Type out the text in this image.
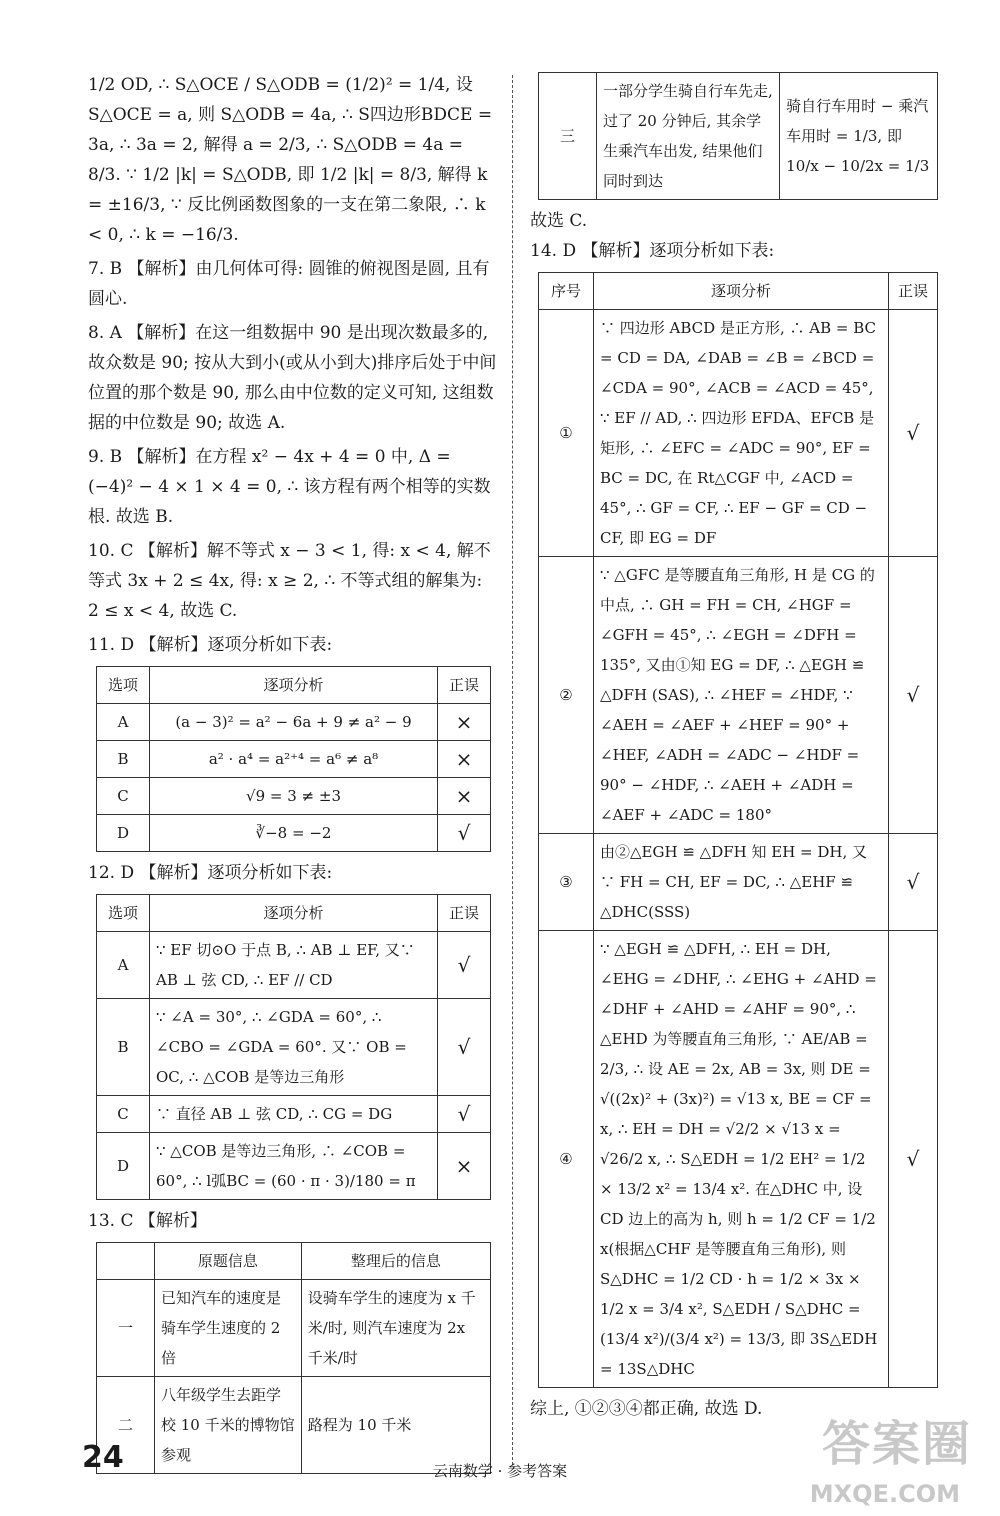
1/2 OD, ∴ S△OCE / S△ODB = (1/2)² = 1/4, 设 S△OCE = a, 则 S△ODB = 4a, ∴ S四边形BDCE = 3a, ∴ 3a = 2, 解得 a = 2/3, ∴ S△ODB = 4a = 8/3. ∵ 1/2 |k| = S△ODB, 即 1/2 |k| = 8/3, 解得 k = ±16/3, ∵ 反比例函数图象的一支在第二象限, ∴ k < 0, ∴ k = −16/3.

7. B 【解析】由几何体可得: 圆锥的俯视图是圆, 且有圆心.

8. A 【解析】在这一组数据中 90 是出现次数最多的, 故众数是 90; 按从大到小(或从小到大)排序后处于中间位置的那个数是 90, 那么由中位数的定义可知, 这组数据的中位数是 90; 故选 A.

9. B 【解析】在方程 x² − 4x + 4 = 0 中, Δ = (−4)² − 4 × 1 × 4 = 0, ∴ 该方程有两个相等的实数根. 故选 B.

10. C 【解析】解不等式 x − 3 < 1, 得: x < 4, 解不等式 3x + 2 ≤ 4x, 得: x ≥ 2, ∴ 不等式组的解集为: 2 ≤ x < 4, 故选 C.

11. D 【解析】逐项分析如下表:

选项	逐项分析	正误
A	(a − 3)² = a² − 6a + 9 ≠ a² − 9	×
B	a² · a⁴ = a²⁺⁴ = a⁶ ≠ a⁸	×
C	√9 = 3 ≠ ±3	×
D	∛−8 = −2	√

12. D 【解析】逐项分析如下表:

选项	逐项分析	正误
A	∵ EF 切⊙O 于点 B, ∴ AB ⊥ EF, 又∵ AB ⊥ 弦 CD, ∴ EF // CD	√
B	∵ ∠A = 30°, ∴ ∠GDA = 60°, ∴ ∠CBO = ∠GDA = 60°. 又∵ OB = OC, ∴ △COB 是等边三角形	√
C	∵ 直径 AB ⊥ 弦 CD, ∴ CG = DG	√
D	∵ △COB 是等边三角形, ∴ ∠COB = 60°, ∴ l弧BC = (60 · π · 3)/180 = π	×

13. C 【解析】

	原题信息	整理后的信息
一	已知汽车的速度是骑车学生速度的 2 倍	设骑车学生的速度为 x 千米/时, 则汽车速度为 2x 千米/时
二	八年级学生去距学校 10 千米的博物馆参观	路程为 10 千米
三	一部分学生骑自行车先走, 过了 20 分钟后, 其余学生乘汽车出发, 结果他们同时到达	骑自行车用时 − 乘汽车用时 = 1/3, 即 10/x − 10/2x = 1/3

故选 C.

14. D 【解析】逐项分析如下表:

序号	逐项分析	正误
①	∵ 四边形 ABCD 是正方形, ∴ AB = BC = CD = DA, ∠DAB = ∠B = ∠BCD = ∠CDA = 90°, ∠ACB = ∠ACD = 45°, ∵ EF // AD, ∴ 四边形 EFDA、EFCB 是矩形, ∴ ∠EFC = ∠ADC = 90°, EF = BC = DC, 在 Rt△CGF 中, ∠ACD = 45°, ∴ GF = CF, ∴ EF − GF = CD − CF, 即 EG = DF	√
②	∵ △GFC 是等腰直角三角形, H 是 CG 的中点, ∴ GH = FH = CH, ∠HGF = ∠GFH = 45°, ∴ ∠EGH = ∠DFH = 135°, 又由①知 EG = DF, ∴ △EGH ≌ △DFH (SAS), ∴ ∠HEF = ∠HDF, ∵ ∠AEH = ∠AEF + ∠HEF = 90° + ∠HEF, ∠ADH = ∠ADC − ∠HDF = 90° − ∠HDF, ∴ ∠AEH + ∠ADH = ∠AEF + ∠ADC = 180°	√
③	由②△EGH ≌ △DFH 知 EH = DH, 又∵ FH = CH, EF = DC, ∴ △EHF ≌ △DHC(SSS)	√
④	∵ △EGH ≌ △DFH, ∴ EH = DH, ∠EHG = ∠DHF, ∴ ∠EHG + ∠AHD = ∠DHF + ∠AHD = ∠AHF = 90°, ∴ △EHD 为等腰直角三角形, ∵ AE/AB = 2/3, ∴ 设 AE = 2x, AB = 3x, 则 DE = √((2x)² + (3x)²) = √13 x, BE = CF = x, ∴ EH = DH = √2/2 × √13 x = √26/2 x, ∴ S△EDH = 1/2 EH² = 1/2 × 13/2 x² = 13/4 x². 在△DHC 中, 设 CD 边上的高为 h, 则 h = 1/2 CF = 1/2 x(根据△CHF 是等腰直角三角形), 则 S△DHC = 1/2 CD · h = 1/2 × 3x × 1/2 x = 3/4 x², S△EDH / S△DHC = (13/4 x²)/(3/4 x²) = 13/3, 即 3S△EDH = 13S△DHC	√

综上, ①②③④都正确, 故选 D.

24	云南数学 · 参考答案	答案圈
MXQE.COM
